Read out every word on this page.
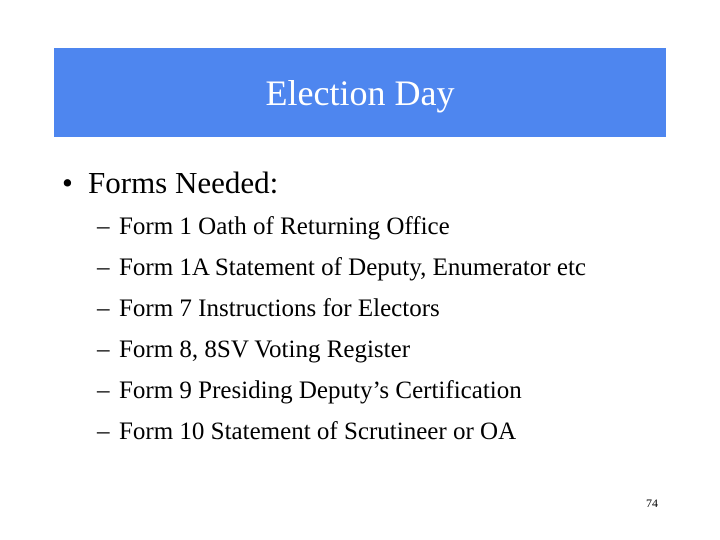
Election Day
• Forms Needed:
– Form 1 Oath of Returning Office
– Form 1A Statement of Deputy, Enumerator etc
– Form 7 Instructions for Electors
– Form 8, 8SV Voting Register
– Form 9 Presiding Deputy’s Certification
– Form 10 Statement of Scrutineer or OA
74
